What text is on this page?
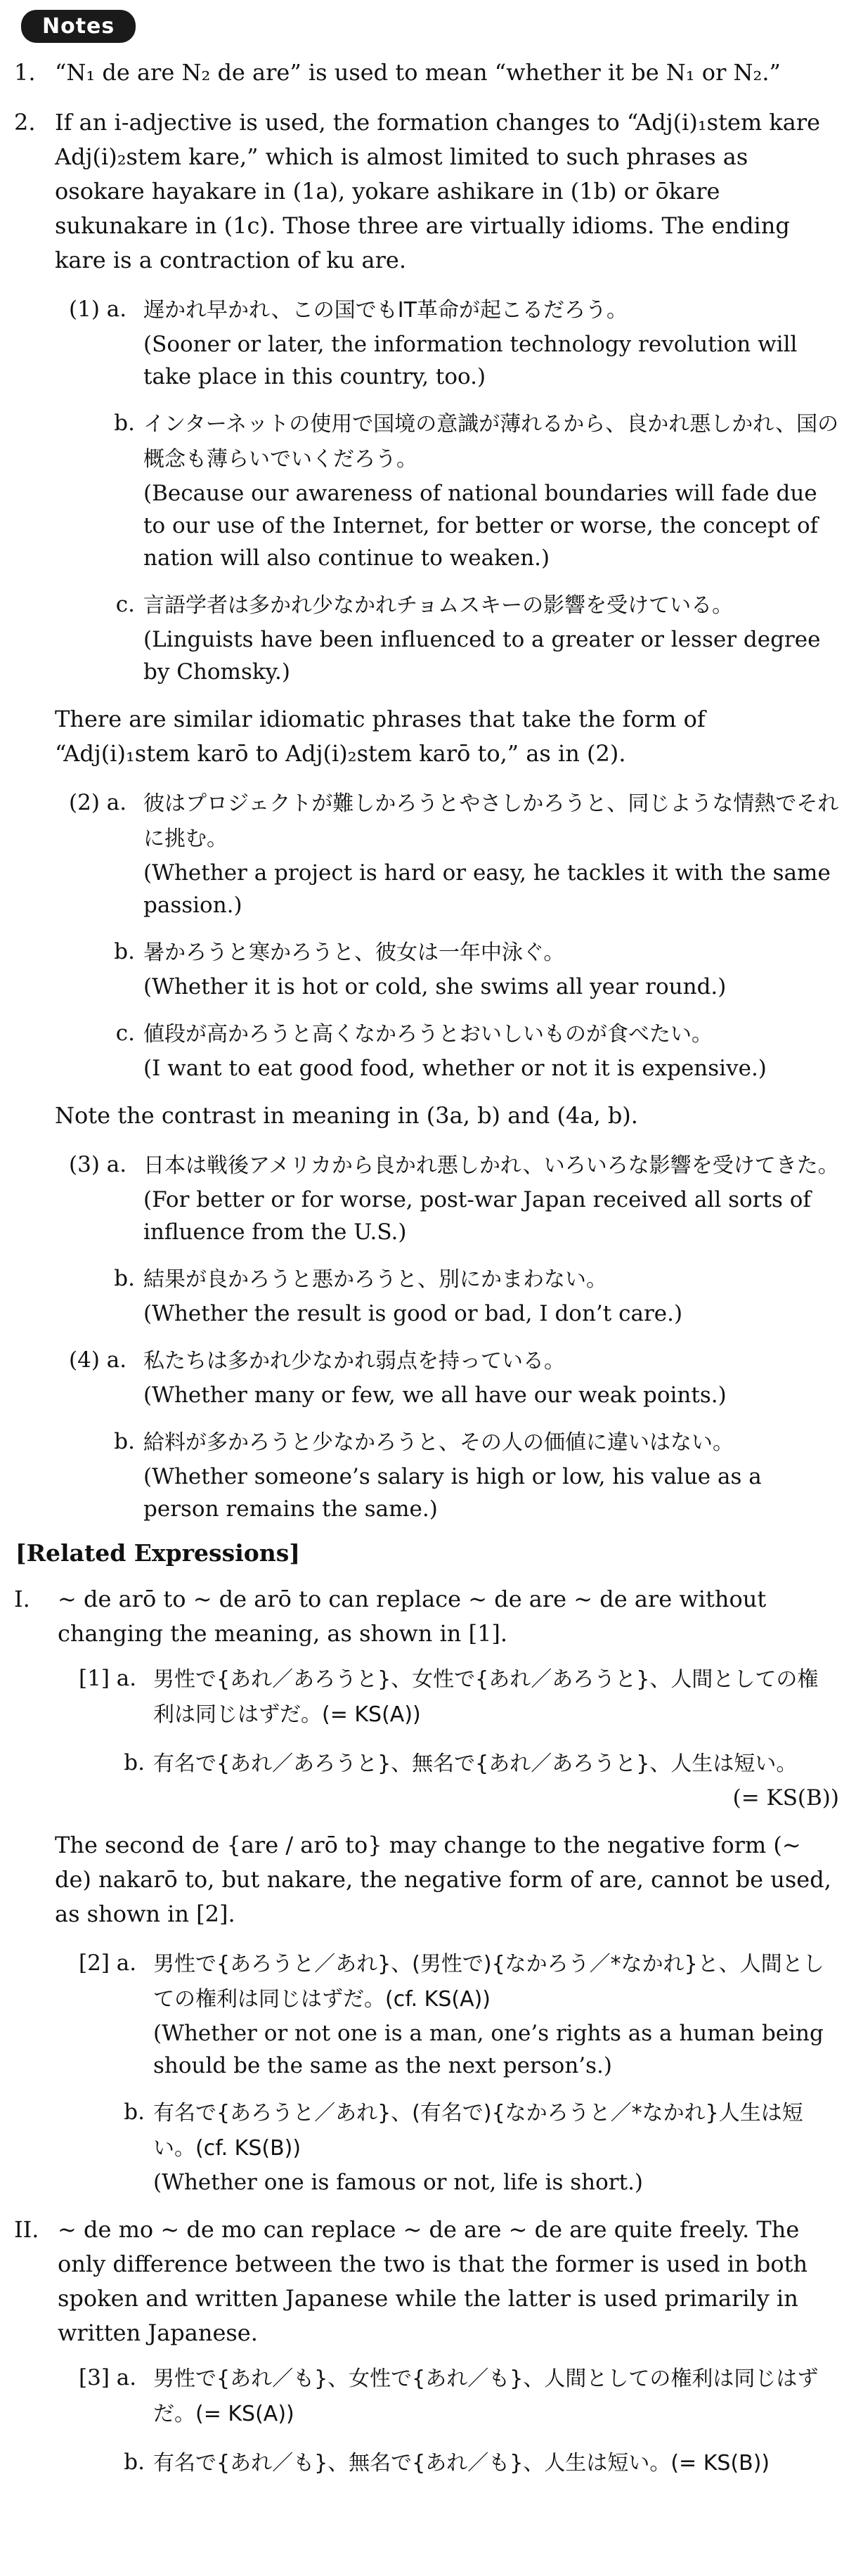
Notes
1. “N₁ de are N₂ de are” is used to mean “whether it be N₁ or N₂.”
2. If an i-adjective is used, the formation changes to “Adj(i)₁stem kare Adj(i)₂stem kare,” which is almost limited to such phrases as osokare hayakare in (1a), yokare ashikare in (1b) or ōkare sukunakare in (1c). Those three are virtually idioms. The ending kare is a contraction of ku are.
(1) a. 遅かれ早かれ、この国でもIT革命が起こるだろう。
(Sooner or later, the information technology revolution will take place in this country, too.)
b. インターネットの使用で国境の意識が薄れるから、良かれ悪しかれ、国の概念も薄らいでいくだろう。
(Because our awareness of national boundaries will fade due to our use of the Internet, for better or worse, the concept of nation will also continue to weaken.)
c. 言語学者は多かれ少なかれチョムスキーの影響を受けている。
(Linguists have been influenced to a greater or lesser degree by Chomsky.)
There are similar idiomatic phrases that take the form of “Adj(i)₁stem karō to Adj(i)₂stem karō to,” as in (2).
(2) a. 彼はプロジェクトが難しかろうとやさしかろうと、同じような情熱でそれに挑む。
(Whether a project is hard or easy, he tackles it with the same passion.)
b. 暑かろうと寒かろうと、彼女は一年中泳ぐ。
(Whether it is hot or cold, she swims all year round.)
c. 値段が高かろうと高くなかろうとおいしいものが食べたい。
(I want to eat good food, whether or not it is expensive.)
Note the contrast in meaning in (3a, b) and (4a, b).
(3) a. 日本は戦後アメリカから良かれ悪しかれ、いろいろな影響を受けてきた。
(For better or for worse, post-war Japan received all sorts of influence from the U.S.)
b. 結果が良かろうと悪かろうと、別にかまわない。
(Whether the result is good or bad, I don’t care.)
(4) a. 私たちは多かれ少なかれ弱点を持っている。
(Whether many or few, we all have our weak points.)
b. 給料が多かろうと少なかろうと、その人の価値に違いはない。
(Whether someone’s salary is high or low, his value as a person remains the same.)
[Related Expressions]
I.	~ de arō to ~ de arō to can replace ~ de are ~ de are without changing the meaning, as shown in [1].
[1] a. 男性で{あれ／あろうと}、女性で{あれ／あろうと}、人間としての権利は同じはずだ。(= KS(A))
b. 有名で{あれ／あろうと}、無名で{あれ／あろうと}、人生は短い。
(= KS(B))
The second de {are / arō to} may change to the negative form (~ de) nakarō to, but nakare, the negative form of are, cannot be used, as shown in [2].
[2] a. 男性で{あろうと／あれ}、(男性で){なかろう／*なかれ}と、人間としての権利は同じはずだ。(cf. KS(A))
(Whether or not one is a man, one’s rights as a human being should be the same as the next person’s.)
b. 有名で{あろうと／あれ}、(有名で){なかろうと／*なかれ}人生は短い。(cf. KS(B))
(Whether one is famous or not, life is short.)
II. ~ de mo ~ de mo can replace ~ de are ~ de are quite freely. The only difference between the two is that the former is used in both spoken and written Japanese while the latter is used primarily in written Japanese.
[3] a. 男性で{あれ／も}、女性で{あれ／も}、人間としての権利は同じはずだ。(= KS(A))
b. 有名で{あれ／も}、無名で{あれ／も}、人生は短い。(= KS(B))
